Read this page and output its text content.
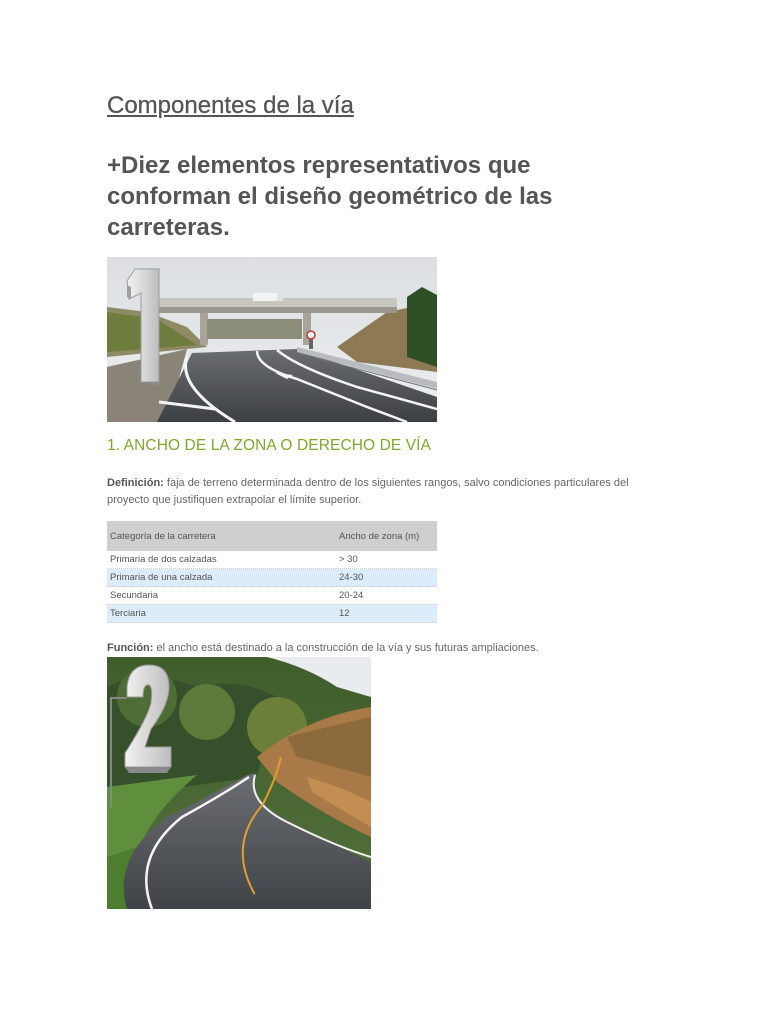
Componentes de la vía
+Diez elementos representativos que conforman el diseño geométrico de las carreteras.
1
1. ANCHO DE LA ZONA O DERECHO DE VÍA

Definición: faja de terreno determinada dentro de los siguientes rangos, salvo condiciones particulares del proyecto que justifiquen extrapolar el límite superior.

Categoría de la carretera	Ancho de zona (m)
Primaria de dos calzadas	> 30
Primaria de una calzada	24-30
Secundaria	20-24
Terciaria	12

Función: el ancho está destinado a la construcción de la vía y sus futuras ampliaciones.

2
